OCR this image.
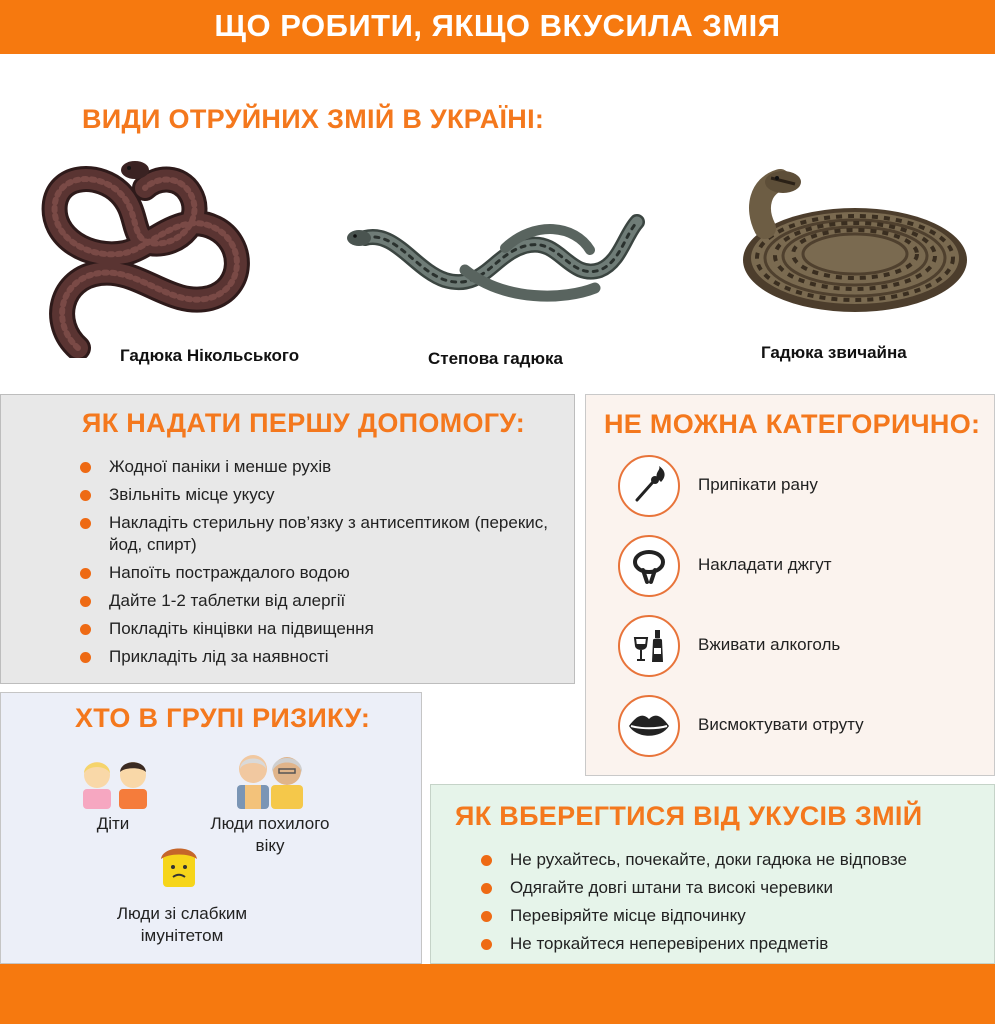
ЩО РОБИТИ, ЯКЩО ВКУСИЛА ЗМІЯ
ВИДИ ОТРУЙНИХ ЗМІЙ В УКРАЇНІ:
Гадюка Нікольського	Степова гадюка	Гадюка звичайна
ЯК НАДАТИ ПЕРШУ ДОПОМОГУ:
Жодної паніки і менше рухів
Звільніть місце укусу
Накладіть стерильну пов’язку з антисептиком (перекис, йод, спирт)
Напоїть постраждалого водою
Дайте 1-2 таблетки від алергії
Покладіть кінцівки на підвищення
Прикладіть лід за наявності
НЕ МОЖНА КАТЕГОРИЧНО:
Припікати рану
Накладати джгут
Вживати алкоголь
Висмоктувати отруту
ХТО В ГРУПІ РИЗИКУ:
Діти	Люди похилого віку
Люди зі слабким імунітетом
ЯК ВБЕРЕГТИСЯ ВІД УКУСІВ ЗМІЙ
Не рухайтесь, почекайте, доки гадюка не відповзе
Одягайте довгі штани та високі черевики
Перевіряйте місце відпочинку
Не торкайтеся неперевірених предметів
